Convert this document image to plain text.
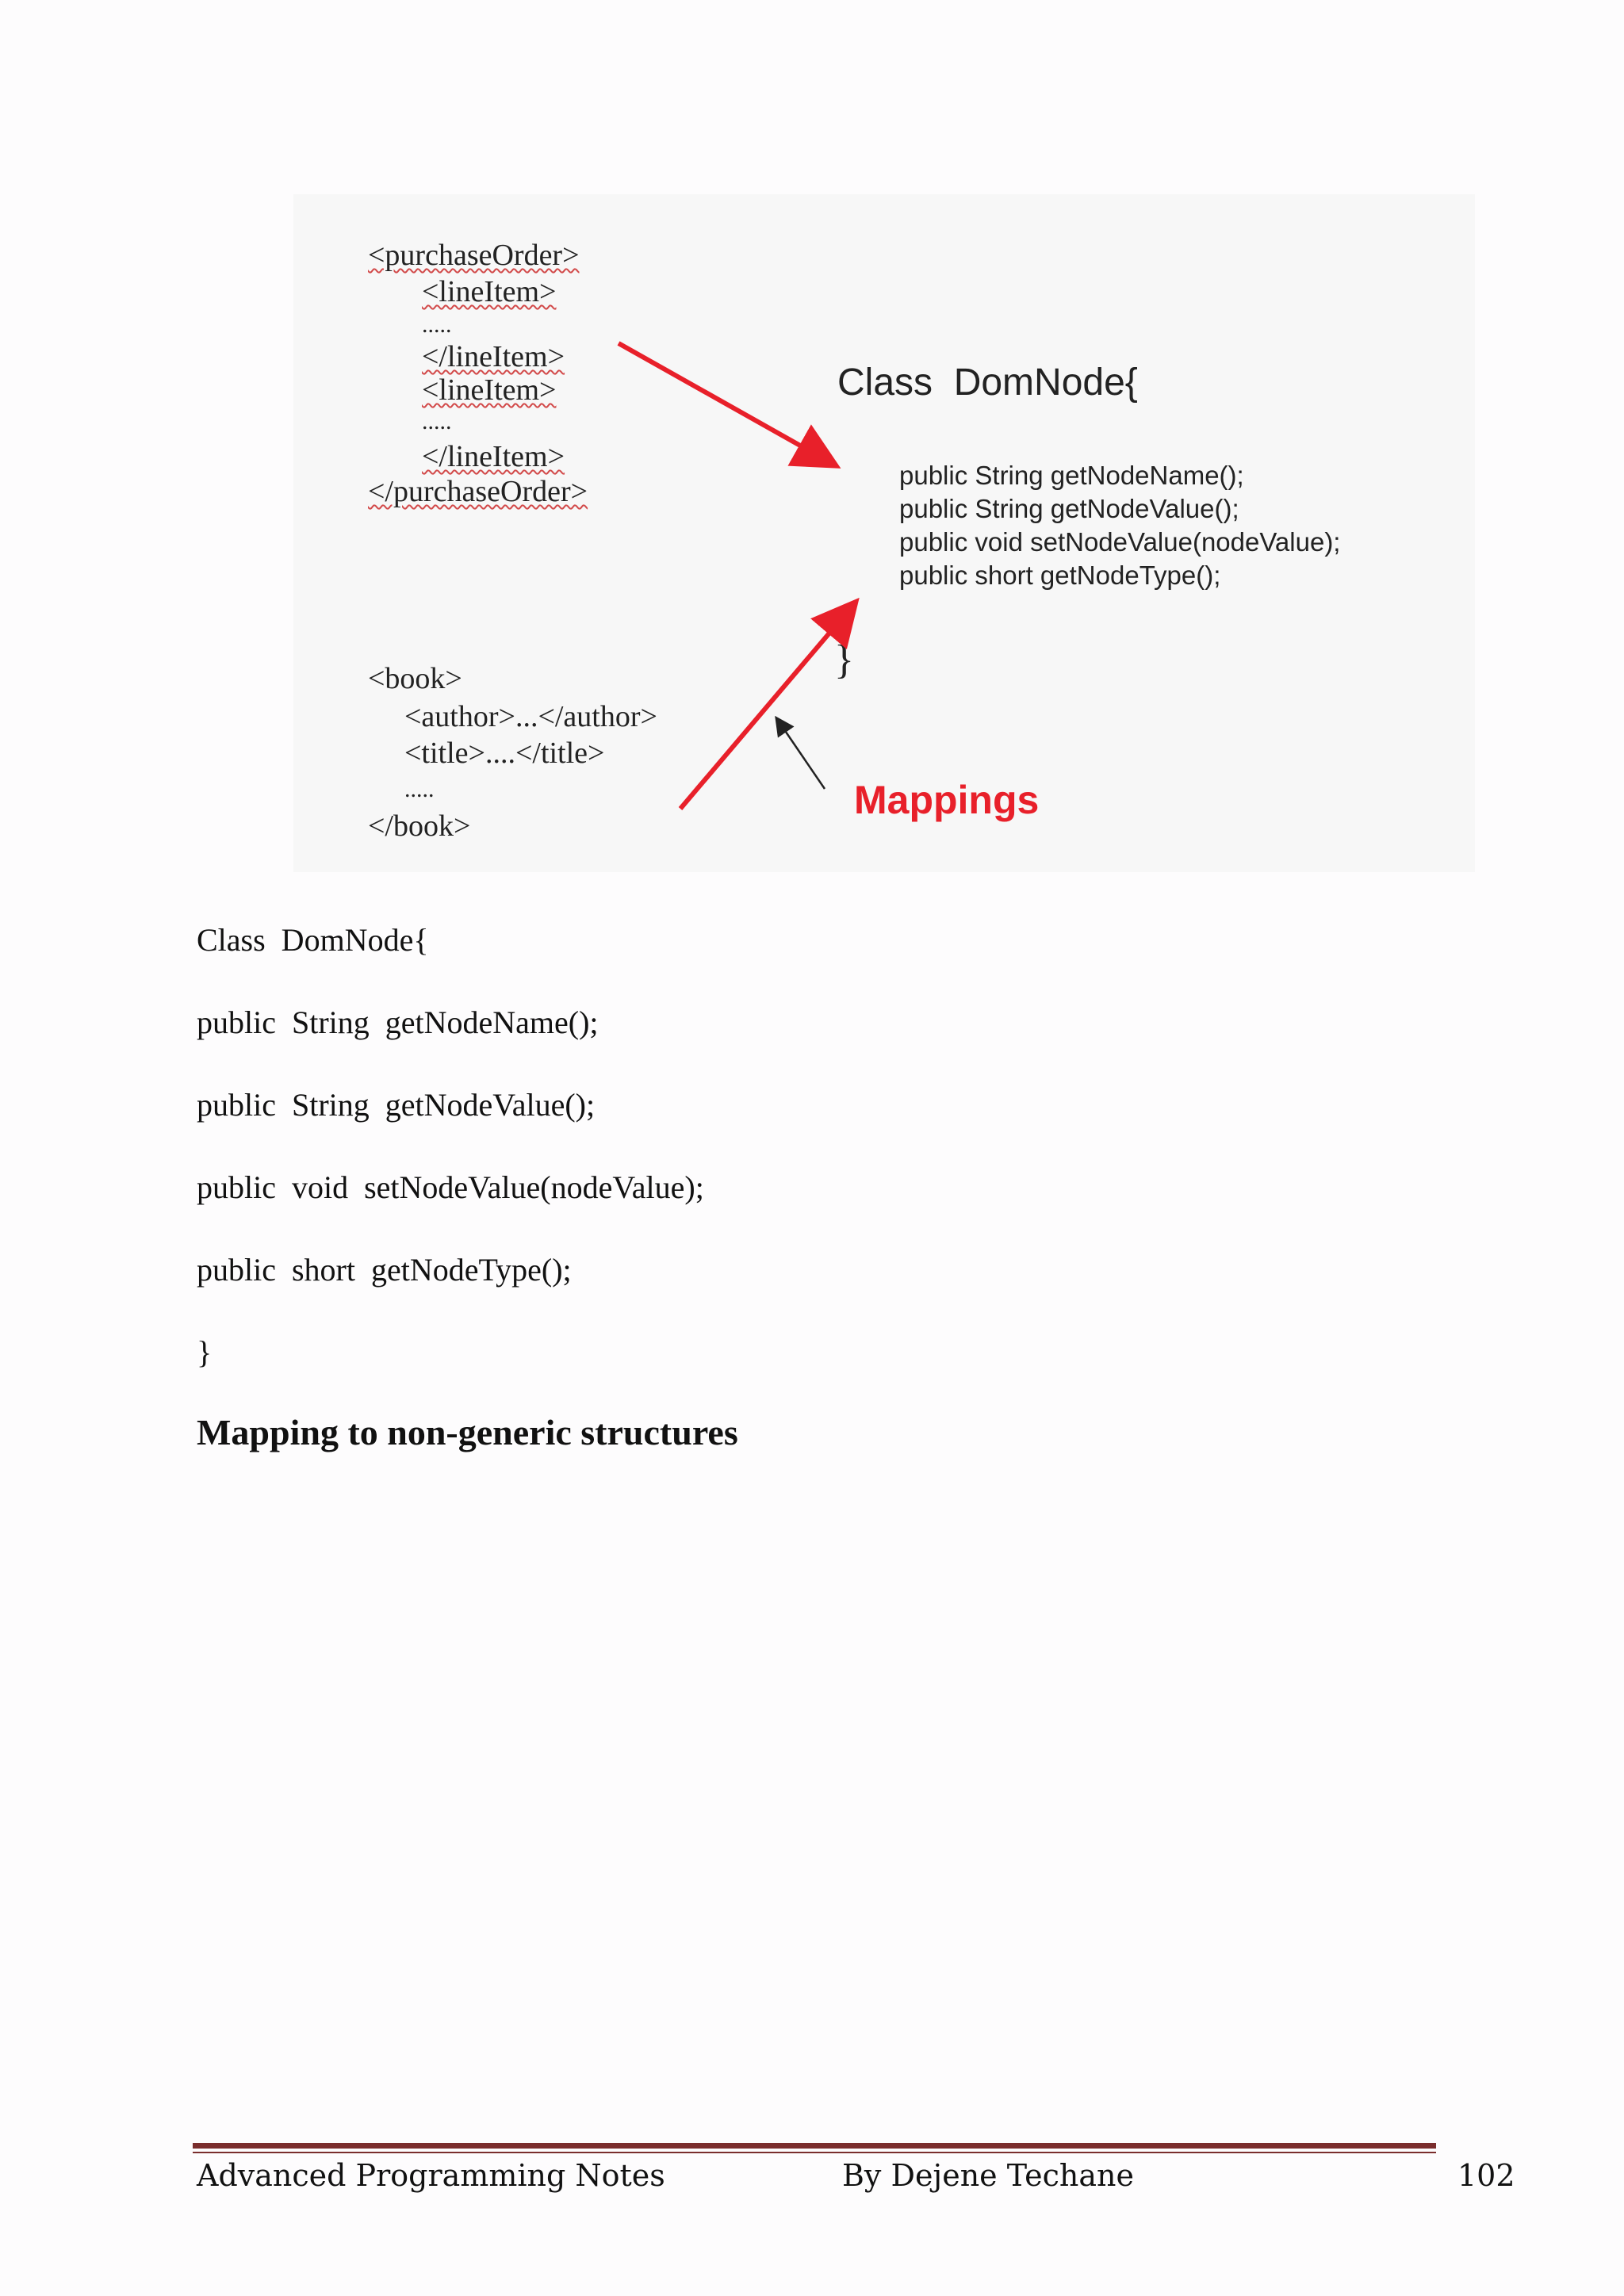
<purchaseOrder>
<lineItem>
.....
</lineItem>
<lineItem>
.....
</lineItem>
</purchaseOrder>
<book>
<author>...</author>
<title>....</title>
.....
</book>
Class  DomNode{
public String getNodeName();
public String getNodeValue();
public void setNodeValue(nodeValue);
public short getNodeType();
}
Mappings
Class  DomNode{
public  String  getNodeName();
public  String  getNodeValue();
public  void  setNodeValue(nodeValue);
public  short  getNodeType();
}
Mapping to non-generic structures
Advanced Programming Notes	By Dejene Techane	102
